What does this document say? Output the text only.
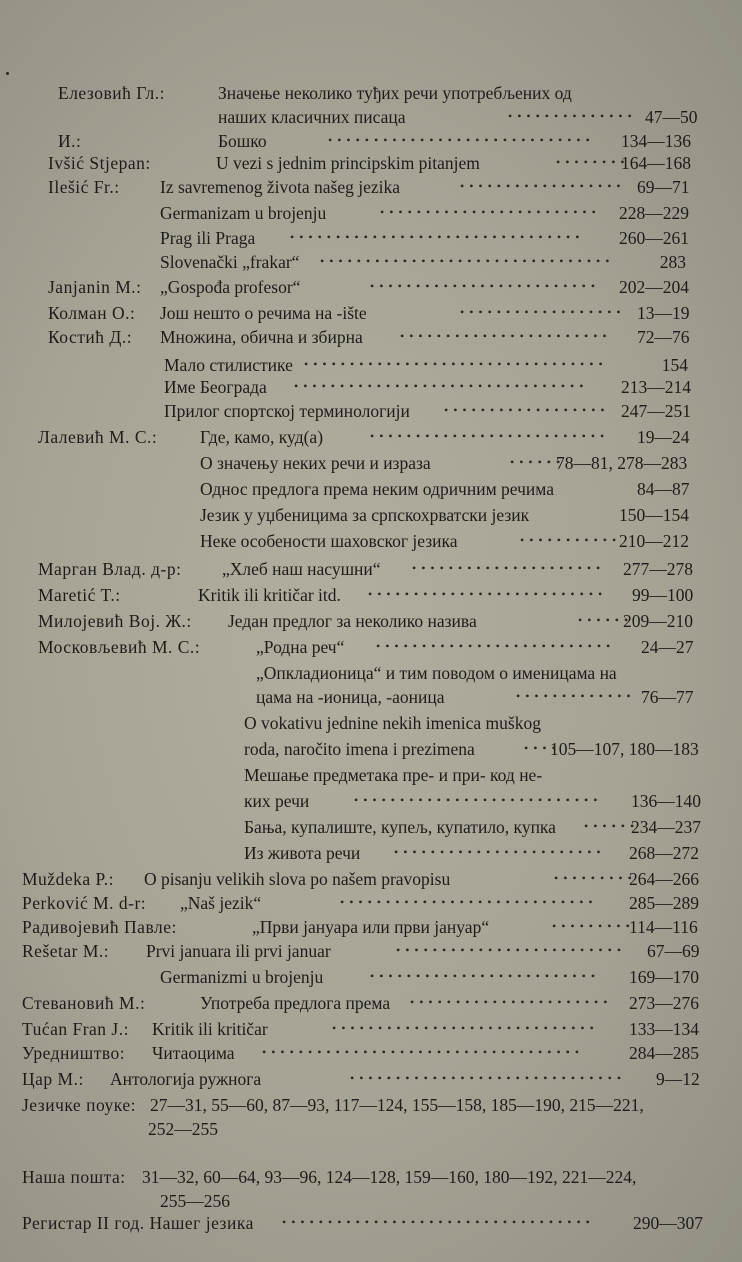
Елезовић Гл.:	Значење неколико туђих речи употребљених од
наших класичних писаца	47—50
••••••••••••••
И.:	Бошко	134—136
•••••••••••••••••••••••••••••
Ivšić Stjepan:	U vezi s jednim principskim pitanjem	164—168
••••••••
Ilešić Fr.: Iz savremenog života našeg jezika	69—71
••••••••••••••••••
Germanizam u brojenju	228—229
••••••••••••••••••••••••
Prag ili Praga	260—261
••••••••••••••••••••••••••••••••
Slovenački „frakar“	283
••••••••••••••••••••••••••••••••
Janjanin M.: „Gospođa profesor“	202—204
•••••••••••••••••••••••••
Колман О.: Још нешто о речима на -ište	13—19
••••••••••••••••••
Костић Д.: Множина, обична и збирна	72—76
•••••••••••••••••••••••
Мало стилистике	154
•••••••••••••••••••••••••••••••••
Име Београда	213—214
••••••••••••••••••••••••••••••••
Прилог спортској терминологији	247—251
••••••••••••••••••
Лалевић М. С.: Где, камо, куд(а)	19—24
••••••••••••••••••••••••••
О значењу неких речи и израза	78—81, 278—283
••••••
Однос предлога према неким одричним речима	84—87
Језик у уџбеницима за српскохрватски језик	150—154
Неке особености шаховског језика	210—212
•••••••••••
Марган Влад. д-р: „Хлеб наш насушни“	277—278
•••••••••••••••••••••
Maretić T.:	Kritik ili kritičar itd.	99—100
••••••••••••••••••••••••••
Милојевић Вој. Ж.: Један предлог за неколико назива	209—210
••••••
Московљевић М. С.:	„Родна реч“	24—27
••••••••••••••••••••••••••
„Опкладионица“ и тим поводом о именицама на
цама на -ионица, -аоница	76—77
•••••••••••••
O vokativu jednine nekih imenica muškog
roda, naročito imena i prezimena	105—107, 180—183
••••
Мешање предметака пре- и при- код не-
ких речи	136—140
•••••••••••••••••••••••••••
Бања, купалиште, купељ, купатило, купка	234—237
••••••
Из живота речи	268—272
•••••••••••••••••••••••
Muždeka P.: O pisanju velikih slova po našem pravopisu	264—266
•••••••••
Perković M. d-r: „Naš jezik“	285—289
••••••••••••••••••••••••••••
Радивојевић Павле:	„Први јануара или први јануар“	114—116
•••••••••
Rešetar M.: Prvi januara ili prvi januar	67—69
•••••••••••••••••••••••••
Germanizmi u brojenju	169—170
•••••••••••••••••••••••••
Стевановић М.:	Употреба предлога према	273—276
••••••••••••••••••••••
Tućan Fran J.: Kritik ili kritičar	133—134
•••••••••••••••••••••••••••••
Уредништво: Читаоцима	284—285
•••••••••••••••••••••••••••••••••••
Цар М.: Антологија ружнога	9—12
••••••••••••••••••••••••••••••
Језичке поуке: 27—31, 55—60, 87—93, 117—124, 155—158, 185—190, 215—221,
252—255
Наша пошта: 31—32, 60—64, 93—96, 124—128, 159—160, 180—192, 221—224,
255—256
Регистар II год. Нашег језика	290—307
••••••••••••••••••••••••••••••••••
